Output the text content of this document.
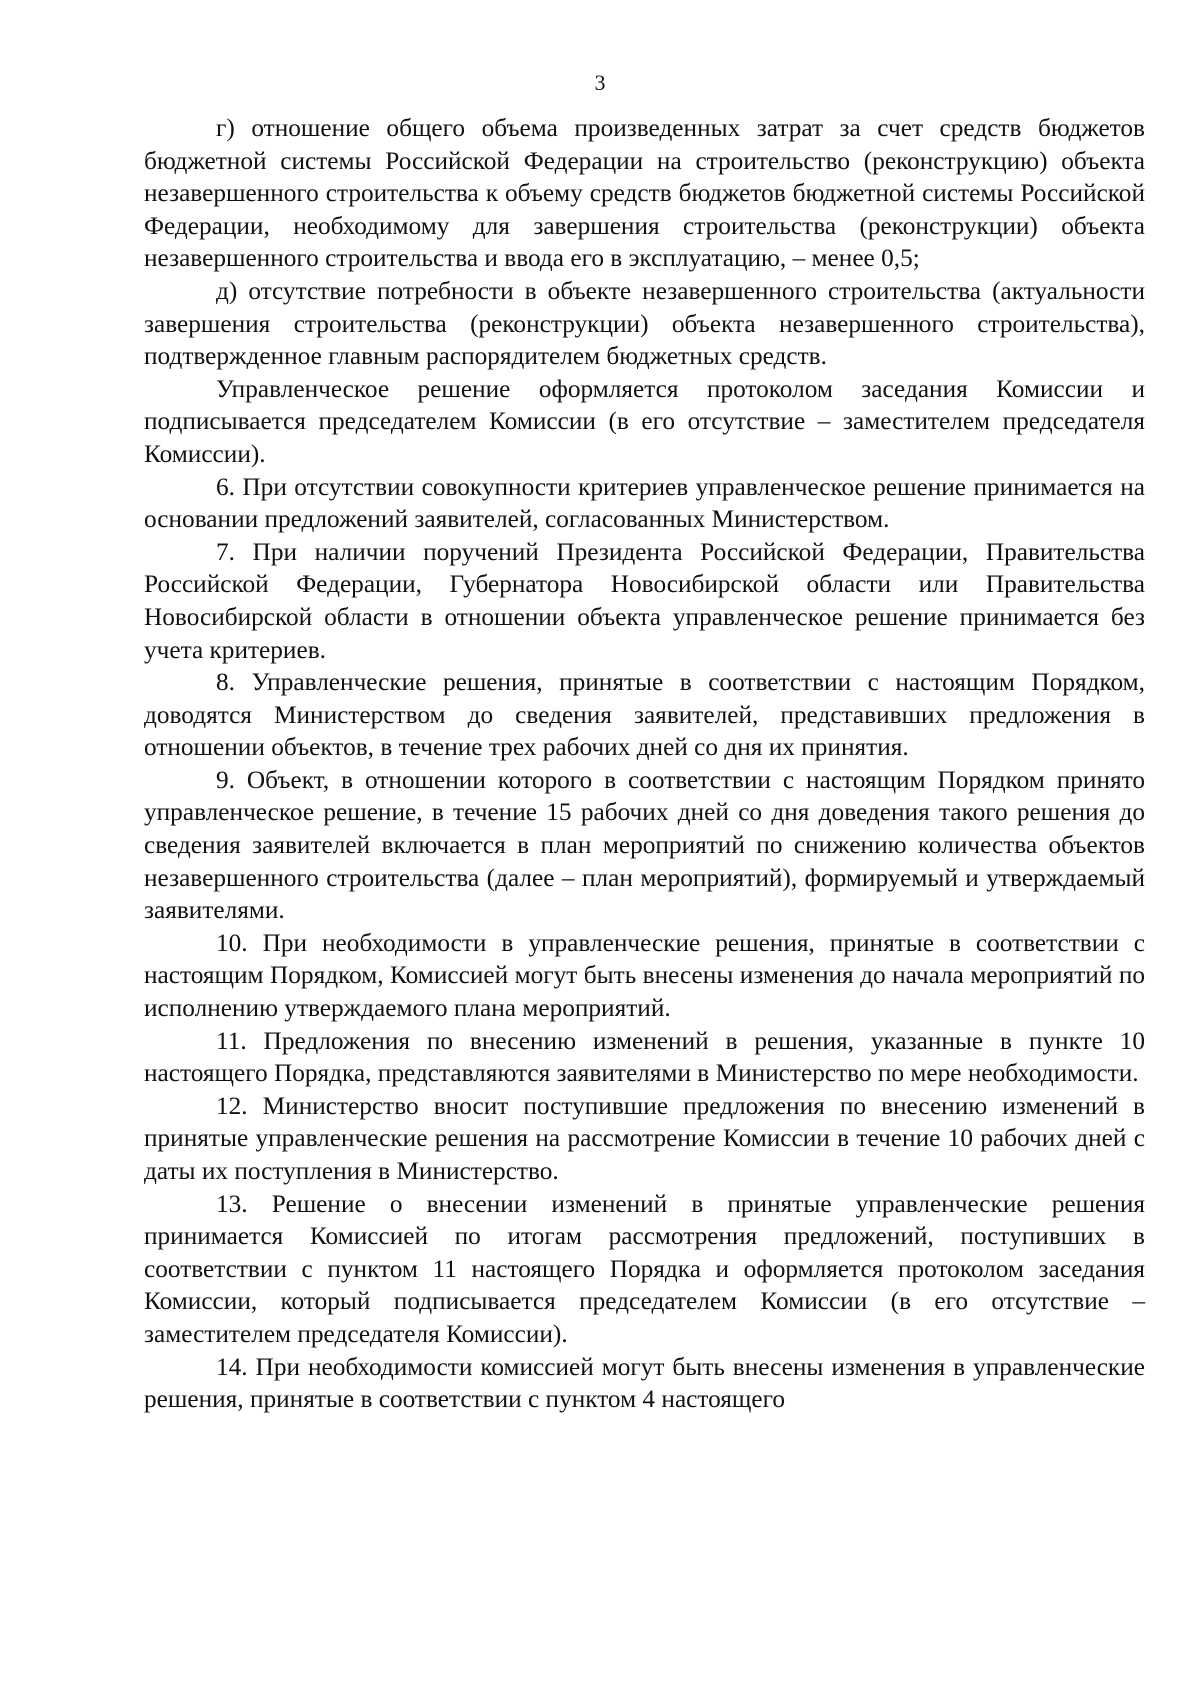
3

г) отношение общего объема произведенных затрат за счет средств бюджетов бюджетной системы Российской Федерации на строительство (реконструкцию) объекта незавершенного строительства к объему средств бюджетов бюджетной системы Российской Федерации, необходимому для завершения строительства (реконструкции) объекта незавершенного строительства и ввода его в эксплуатацию, – менее 0,5;

д) отсутствие потребности в объекте незавершенного строительства (актуальности завершения строительства (реконструкции) объекта незавершенного строительства), подтвержденное главным распорядителем бюджетных средств.

Управленческое решение оформляется протоколом заседания Комиссии и подписывается председателем Комиссии (в его отсутствие – заместителем председателя Комиссии).

6. При отсутствии совокупности критериев управленческое решение принимается на основании предложений заявителей, согласованных Министерством.

7. При наличии поручений Президента Российской Федерации, Правительства Российской Федерации, Губернатора Новосибирской области или Правительства Новосибирской области в отношении объекта управленческое решение принимается без учета критериев.

8. Управленческие решения, принятые в соответствии с настоящим Порядком, доводятся Министерством до сведения заявителей, представивших предложения в отношении объектов, в течение трех рабочих дней со дня их принятия.

9. Объект, в отношении которого в соответствии с настоящим Порядком принято управленческое решение, в течение 15 рабочих дней со дня доведения такого решения до сведения заявителей включается в план мероприятий по снижению количества объектов незавершенного строительства (далее – план мероприятий), формируемый и утверждаемый заявителями.

10. При необходимости в управленческие решения, принятые в соответствии с настоящим Порядком, Комиссией могут быть внесены изменения до начала мероприятий по исполнению утверждаемого плана мероприятий.

11. Предложения по внесению изменений в решения, указанные в пункте 10 настоящего Порядка, представляются заявителями в Министерство по мере необходимости.

12. Министерство вносит поступившие предложения по внесению изменений в принятые управленческие решения на рассмотрение Комиссии в течение 10 рабочих дней с даты их поступления в Министерство.

13. Решение о внесении изменений в принятые управленческие решения принимается Комиссией по итогам рассмотрения предложений, поступивших в соответствии с пунктом 11 настоящего Порядка и оформляется протоколом заседания Комиссии, который подписывается председателем Комиссии (в его отсутствие – заместителем председателя Комиссии).

14. При необходимости комиссией могут быть внесены изменения в управленческие решения, принятые в соответствии с пунктом 4 настоящего
